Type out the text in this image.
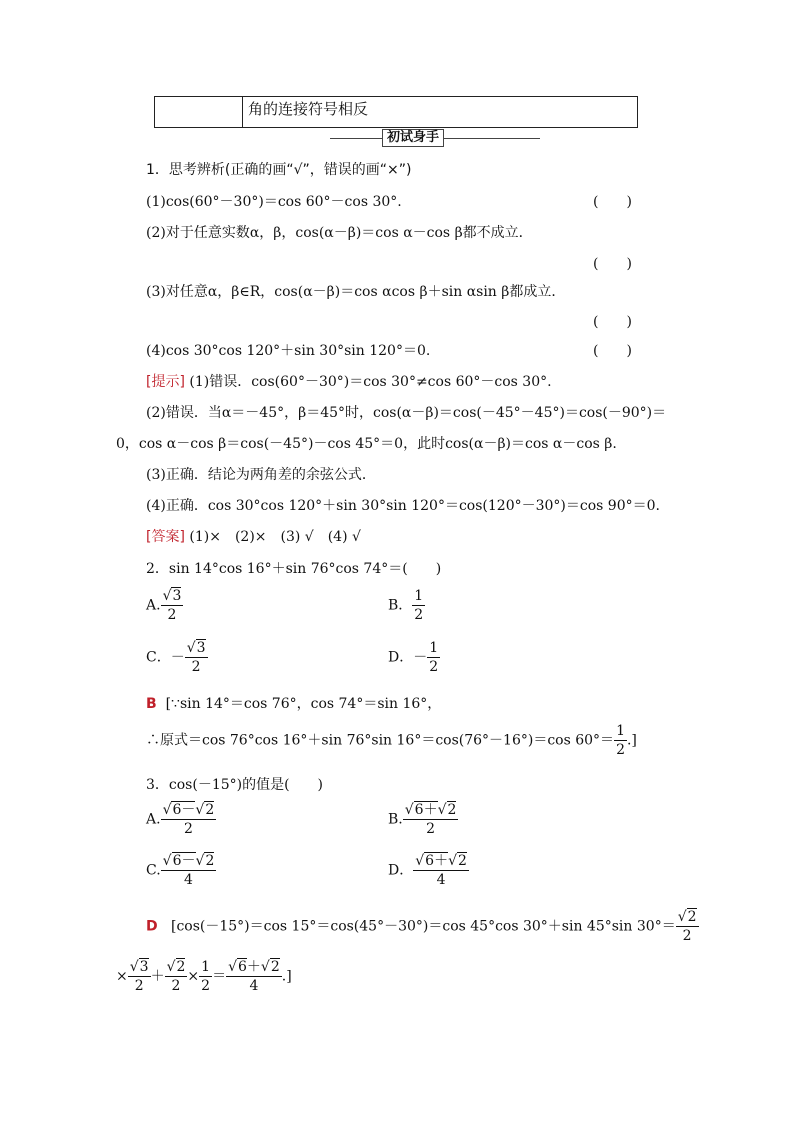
角的连接符号相反
初试身手
1．思考辨析(正确的画“√”，错误的画“×”)
(1)cos(60°－30°)＝cos 60°－cos 30°.	(　　)
(2)对于任意实数α，β，cos(α－β)＝cos α－cos β都不成立．
(　　)
(3)对任意α，β∈R，cos(α－β)＝cos αcos β＋sin αsin β都成立．
(　　)
(4)cos 30°cos 120°＋sin 30°sin 120°＝0.	(　　)
[提示] (1)错误．cos(60°－30°)＝cos 30°≠cos 60°－cos 30°.
(2)错误．当α＝－45°，β＝45°时，cos(α－β)＝cos(－45°－45°)＝cos(－90°)＝
0，cos α－cos β＝cos(－45°)－cos 45°＝0，此时cos(α－β)＝cos α－cos β.
(3)正确．结论为两角差的余弦公式．
(4)正确．cos 30°cos 120°＋sin 30°sin 120°＝cos(120°－30°)＝cos 90°＝0.
[答案] (1)×　(2)×　(3) √　(4) √
2．sin 14°cos 16°＋sin 76°cos 74°＝(　　)
A. $\frac{√3}{2}$	B． $\frac{1}{2}$
C．－ $\frac{√3}{2}$	D．－ $\frac{1}{2}$
B [∵sin 14°＝cos 76°，cos 74°＝sin 16°，
∴原式＝cos 76°cos 16°＋sin 76°sin 16°＝cos(76°－16°)＝cos $60^\circ= \frac{1}{2}$ .]
3．cos(－15°)的值是(　　)
A. $\frac{√6-√2}{2}$	B. $\frac{√6+√2}{2}$
C. $\frac{√6-√2}{4}$	D． $\frac{√6+√2}{4}$
D [cos(－15°)＝cos 15°＝cos(45°－30°)＝cos 45°cos 30°＋sin 45°sin $30^\circ= \frac{√2}{2}$
× $\frac{√3}{2} + \frac{√2}{2} \times \frac{1}{2} = \frac{√6+√2}{4}$ .]
